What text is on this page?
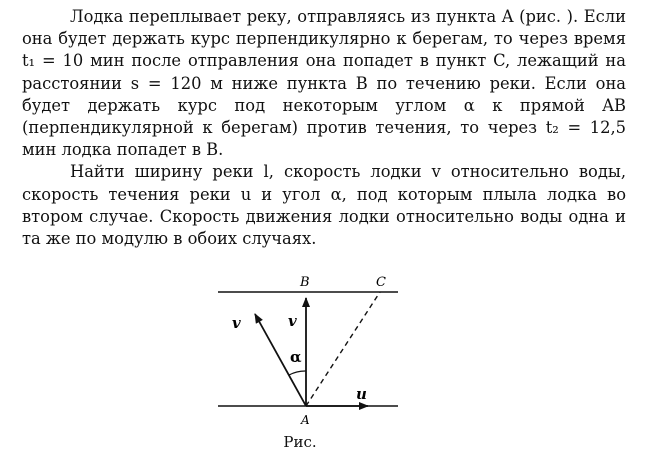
Лодка переплывает реку, отправляясь из пункта A (рис. ). Если она будет держать курс перпендикулярно к берегам, то через время t₁ = 10 мин после отправления она попадет в пункт C, лежащий на расстоянии s = 120 м ниже пункта B по течению реки. Если она будет держать курс под некоторым углом α к прямой AB (перпендикулярной к берегам) против течения, то через t₂ = 12,5 мин лодка попадет в B.

Найти ширину реки l, скорость лодки v относительно воды, скорость течения реки u и угол α, под которым плыла лодка во втором случае. Скорость движения лодки относительно воды одна и та же по модулю в обоих случаях.

B	C
v	v
α
u
A
Рис.
